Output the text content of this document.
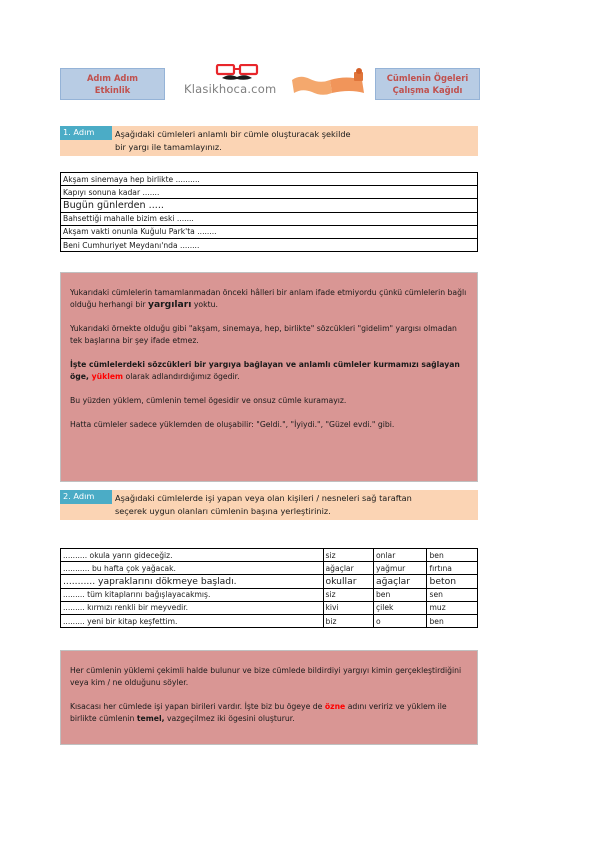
Adım Adım
Etkinlik	Klasikhoca.com
Cümlenin Ögeleri
Çalışma Kağıdı
Aşağıdaki cümleleri anlamlı bir cümle oluşturacak şekilde
bir yargı ile tamamlayınız.
1. Adım
Akşam sinemaya hep birlikte ..........
Kapıyı sonuna kadar .......
Bugün günlerden .....
Bahsettiği mahalle bizim eski .......
Akşam vakti onunla Kuğulu Park'ta ........
Beni Cumhuriyet Meydanı'nda ........

Yukarıdaki cümlelerin tamamlanmadan önceki hâlleri bir anlam ifade etmiyordu çünkü cümlelerin bağlı olduğu herhangi bir yargıları yoktu.

Yukarıdaki örnekte olduğu gibi "akşam, sinemaya, hep, birlikte" sözcükleri "gidelim" yargısı olmadan tek başlarına bir şey ifade etmez.

İşte cümlelerdeki sözcükleri bir yargıya bağlayan ve anlamlı cümleler kurmamızı sağlayan öge, yüklem olarak adlandırdığımız ögedir.

Bu yüzden yüklem, cümlenin temel ögesidir ve onsuz cümle kuramayız.

Hatta cümleler sadece yüklemden de oluşabilir: "Geldi.", "İyiydi.", "Güzel evdi." gibi.

Aşağıdaki cümlelerde işi yapan veya olan kişileri / nesneleri sağ taraftan
seçerek uygun olanları cümlenin başına yerleştiriniz.
2. Adım
.......... okula yarın gideceğiz.	siz	onlar	ben
........... bu hafta çok yağacak.	ağaçlar	yağmur	fırtına
........... yapraklarını dökmeye başladı.	okullar	ağaçlar	beton
......... tüm kitaplarını bağışlayacakmış.	siz	ben	sen
......... kırmızı renkli bir meyvedir.	kivi	çilek	muz
......... yeni bir kitap keşfettim.	biz	o	ben

Her cümlenin yüklemi çekimli halde bulunur ve bize cümlede bildirdiyi yargıyı kimin gerçekleştirdiğini veya kim / ne olduğunu söyler.

Kısacası her cümlede işi yapan birileri vardır. İşte biz bu ögeye de özne adını veririz ve yüklem ile birlikte cümlenin temel, vazgeçilmez iki ögesini oluşturur.
